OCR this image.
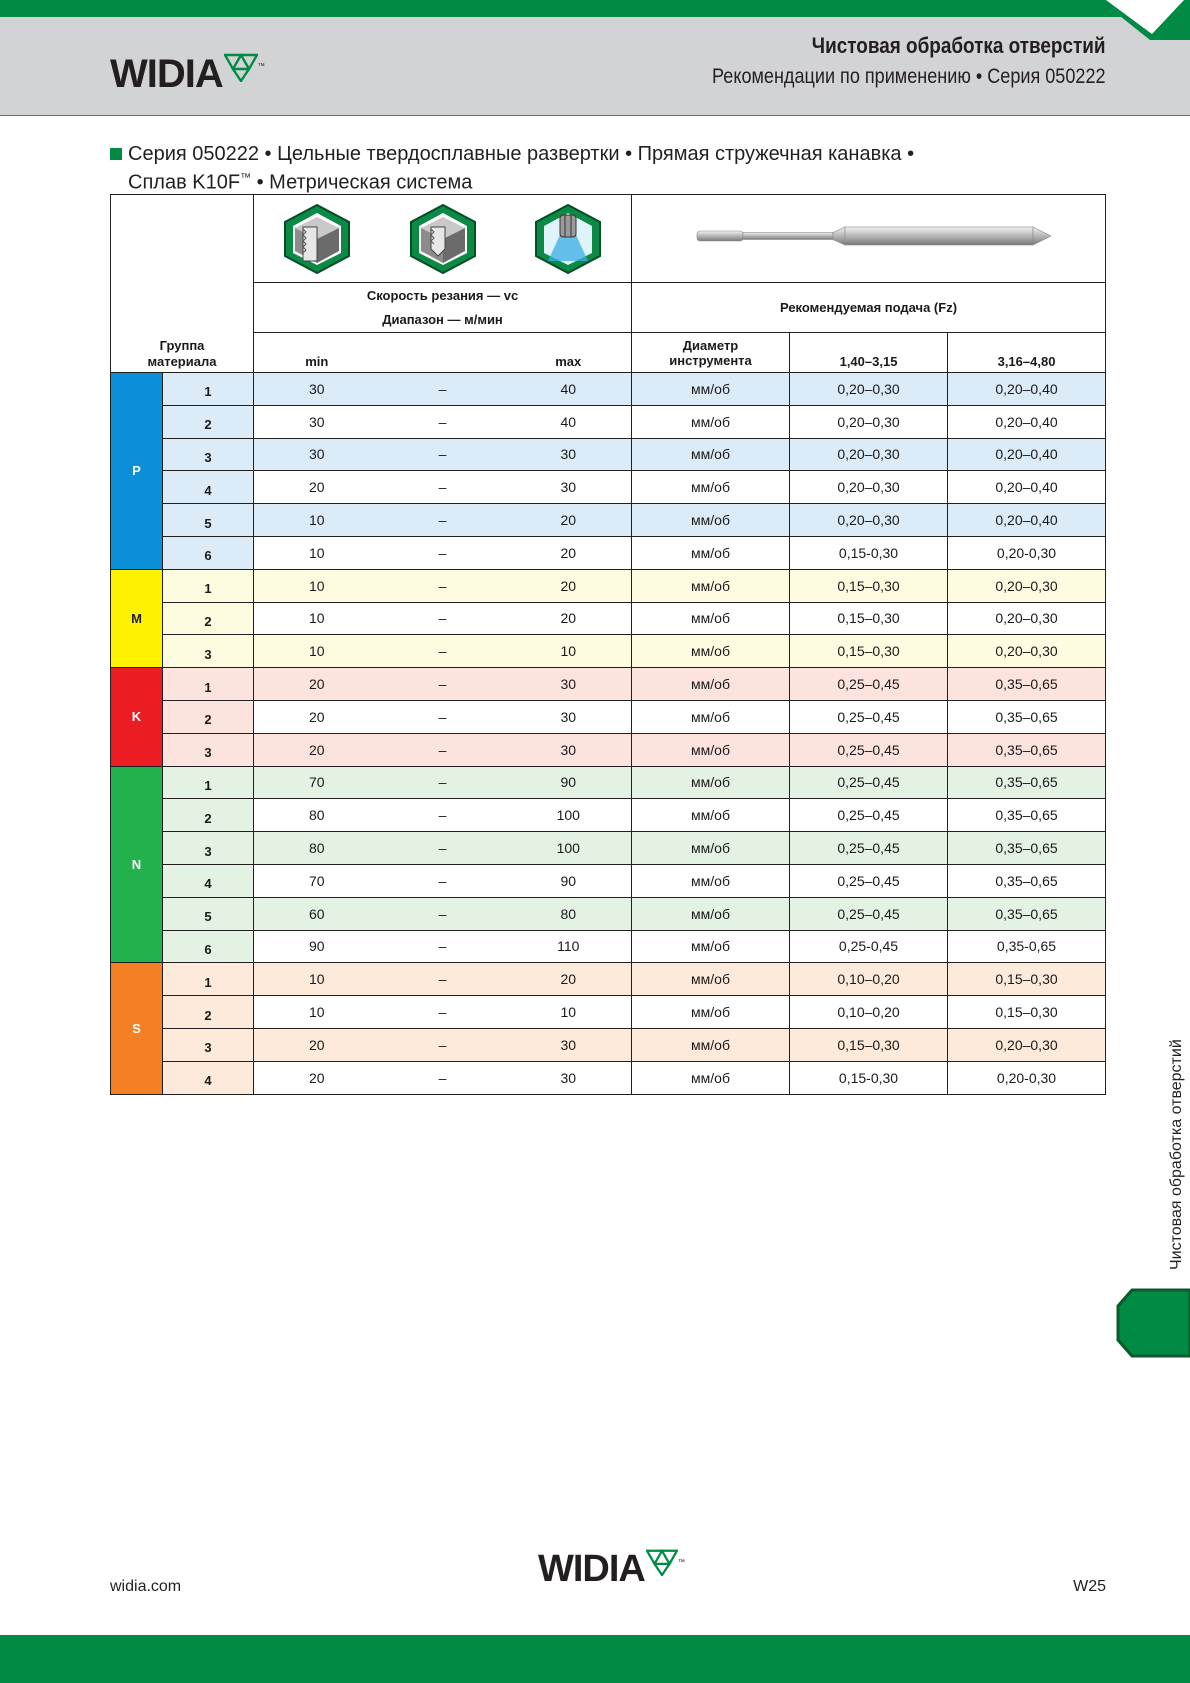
WIDIA	™
Чистовая обработка отверстий
Рекомендации по применению • Серия 050222
Серия 050222 • Цельные твердосплавные развертки • Прямая стружечная канавка •
Сплав K10F™ • Метрическая система
Группа материала

		Скорость резания — vc
Диапазон — м/мин			Рекомендуемая подача (Fz)		
		min		max	Диаметр инструмента	1,40–3,15	3,16–4,80
P	1	30	–	40	мм/об	0,20–0,30	0,20–0,40
	2	30	–	40	мм/об	0,20–0,30	0,20–0,40
	3	30	–	30	мм/об	0,20–0,30	0,20–0,40
	4	20	–	30	мм/об	0,20–0,30	0,20–0,40
	5	10	–	20	мм/об	0,20–0,30	0,20–0,40
	6	10	–	20	мм/об	0,15-0,30	0,20-0,30
M	1	10	–	20	мм/об	0,15–0,30	0,20–0,30
	2	10	–	20	мм/об	0,15–0,30	0,20–0,30
	3	10	–	10	мм/об	0,15–0,30	0,20–0,30
K	1	20	–	30	мм/об	0,25–0,45	0,35–0,65
	2	20	–	30	мм/об	0,25–0,45	0,35–0,65
	3	20	–	30	мм/об	0,25–0,45	0,35–0,65
N	1	70	–	90	мм/об	0,25–0,45	0,35–0,65
	2	80	–	100	мм/об	0,25–0,45	0,35–0,65
	3	80	–	100	мм/об	0,25–0,45	0,35–0,65
	4	70	–	90	мм/об	0,25–0,45	0,35–0,65
	5	60	–	80	мм/об	0,25–0,45	0,35–0,65
	6	90	–	110	мм/об	0,25-0,45	0,35-0,65
S	1	10	–	20	мм/об	0,10–0,20	0,15–0,30
	2	10	–	10	мм/об	0,10–0,20	0,15–0,30
	3	20	–	30	мм/об	0,15–0,30	0,20–0,30
	4	20	–	30	мм/об	0,15-0,30	0,20-0,30	Чистовая обработка отверстий
widia.com	WIDIA	™
W25
